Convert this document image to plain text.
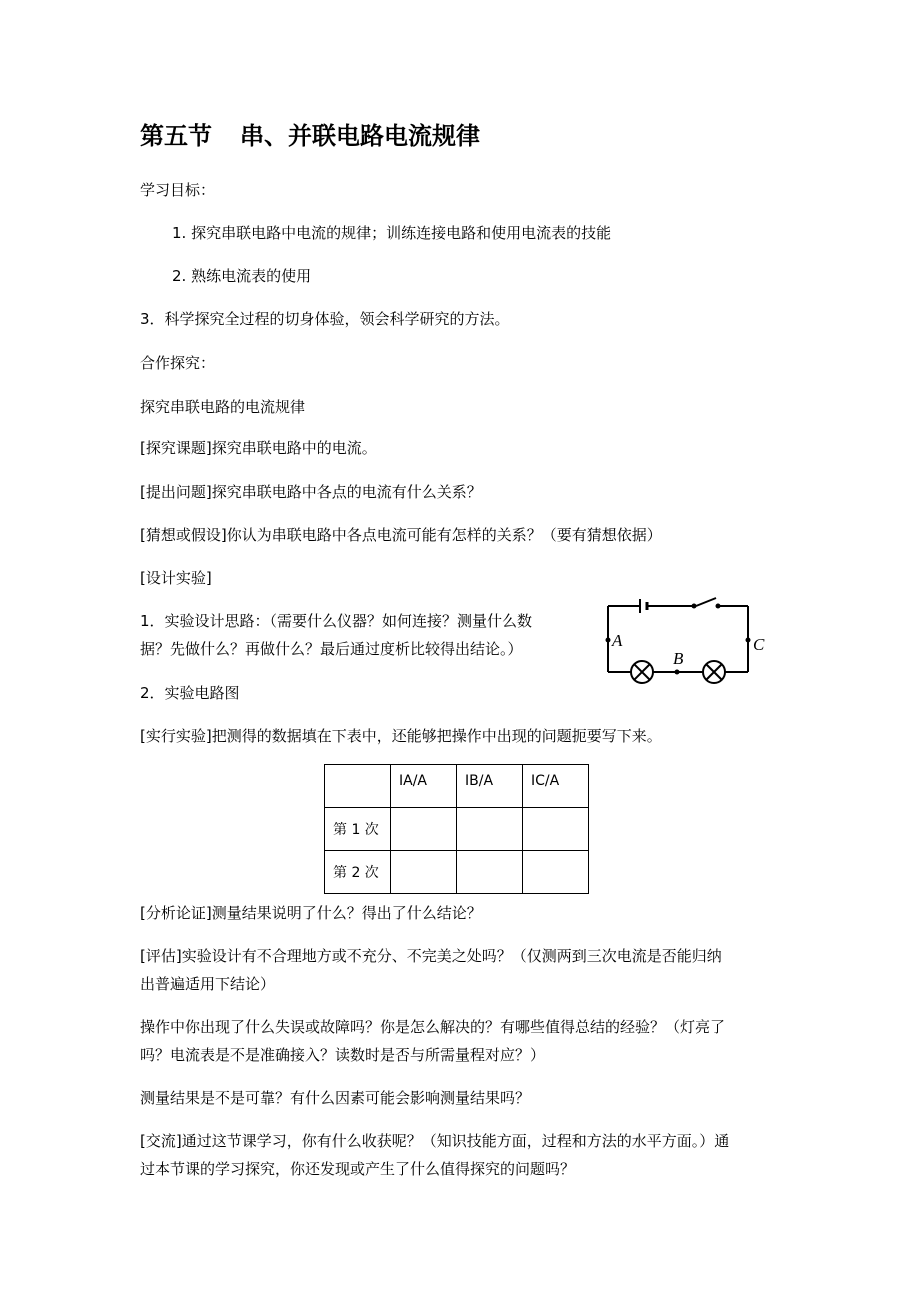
第五节 串、并联电路电流规律
学习目标：
1. 探究串联电路中电流的规律；训练连接电路和使用电流表的技能
2. 熟练电流表的使用
3．科学探究全过程的切身体验，领会科学研究的方法。
合作探究：
探究串联电路的电流规律
[探究课题]探究串联电路中的电流。
[提出问题]探究串联电路中各点的电流有什么关系？
[猜想或假设]你认为串联电路中各点电流可能有怎样的关系？（要有猜想依据）
[设计实验]
1．实验设计思路：（需要什么仪器？如何连接？测量什么数
据？先做什么？再做什么？最后通过度析比较得出结论。）
2．实验电路图
[实行实验]把测得的数据填在下表中，还能够把操作中出现的问题扼要写下来。
A
B
C
	IA/A	IB/A	IC/A
第 1 次			
第 2 次			
[分析论证]测量结果说明了什么？得出了什么结论？
[评估]实验设计有不合理地方或不充分、不完美之处吗？（仅测两到三次电流是否能归纳
出普遍适用下结论）
操作中你出现了什么失误或故障吗？你是怎么解决的？有哪些值得总结的经验？（灯亮了
吗？电流表是不是准确接入？读数时是否与所需量程对应？）
测量结果是不是可靠？有什么因素可能会影响测量结果吗？
[交流]通过这节课学习，你有什么收获呢？（知识技能方面，过程和方法的水平方面。）通
过本节课的学习探究，你还发现或产生了什么值得探究的问题吗？
